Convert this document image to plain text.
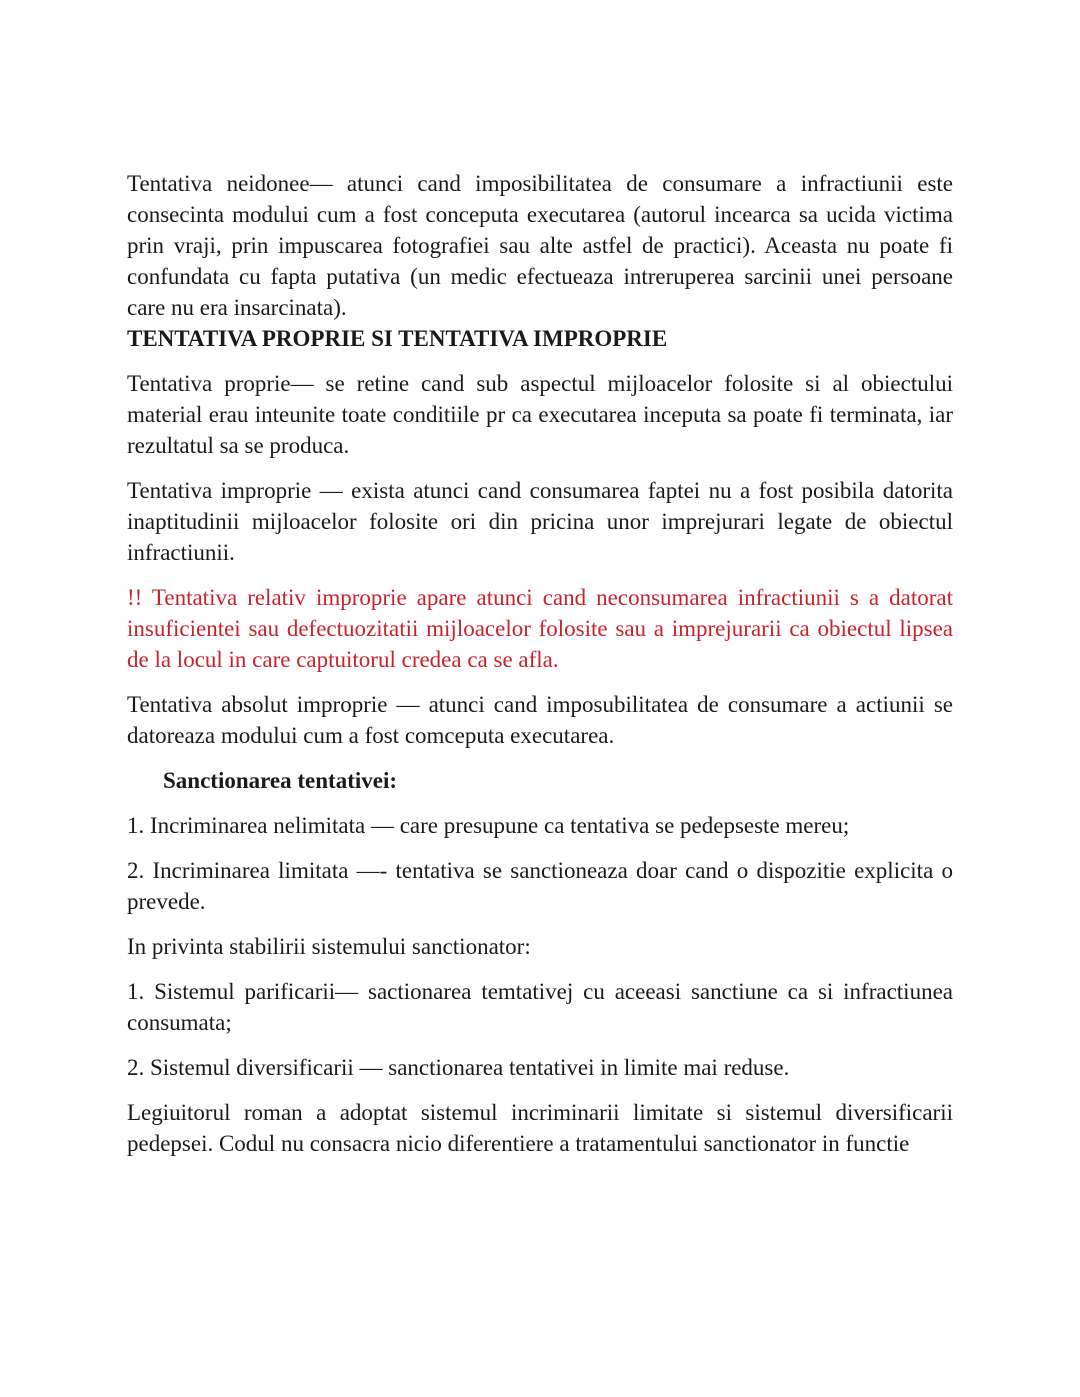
Tentativa neidonee— atunci cand imposibilitatea de consumare a infractiunii este consecinta modului cum a fost conceputa executarea (autorul incearca sa ucida victima prin vraji, prin impuscarea fotografiei sau alte astfel de practici). Aceasta nu poate fi confundata cu fapta putativa (un medic efectueaza intreruperea sarcinii unei persoane care nu era insarcinata).

TENTATIVA PROPRIE SI TENTATIVA IMPROPRIE

Tentativa proprie— se retine cand sub aspectul mijloacelor folosite si al obiectului material erau inteunite toate conditiile pr ca executarea inceputa sa poate fi terminata, iar rezultatul sa se produca.

Tentativa improprie — exista atunci cand consumarea faptei nu a fost posibila datorita inaptitudinii mijloacelor folosite ori din pricina unor imprejurari legate de obiectul infractiunii.

!! Tentativa relativ improprie apare atunci cand neconsumarea infractiunii s a datorat insuficientei sau defectuozitatii mijloacelor folosite sau a imprejurarii ca obiectul lipsea de la locul in care captuitorul credea ca se afla.

Tentativa absolut improprie — atunci cand imposubilitatea de consumare a actiunii se datoreaza modului cum a fost comceputa executarea.

Sanctionarea tentativei:

1. Incriminarea nelimitata — care presupune ca tentativa se pedepseste mereu;

2. Incriminarea limitata —- tentativa se sanctioneaza doar cand o dispozitie explicita o prevede.

In privinta stabilirii sistemului sanctionator:

1. Sistemul parificarii— sactionarea temtativej cu aceeasi sanctiune ca si infractiunea consumata;

2. Sistemul diversificarii — sanctionarea tentativei in limite mai reduse.

Legiuitorul roman a adoptat sistemul incriminarii limitate si sistemul diversificarii pedepsei. Codul nu consacra nicio diferentiere a tratamentului sanctionator in functie
